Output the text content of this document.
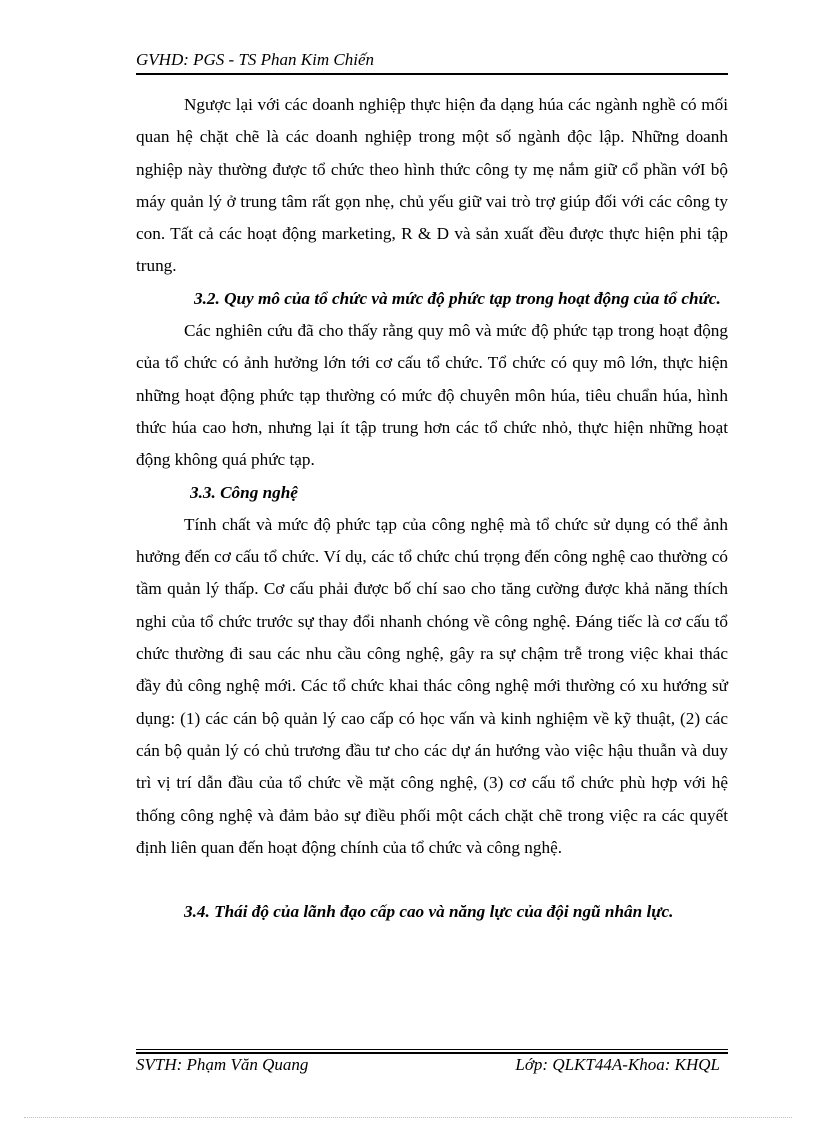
GVHD: PGS - TS Phan Kim Chiến

Ngược lại với các doanh nghiệp thực hiện đa dạng húa các ngành nghề có mối quan hệ chặt chẽ là các doanh nghiệp trong một số ngành độc lập. Những doanh nghiệp này thường được tổ chức theo hình thức công ty mẹ nắm giữ cổ phần vớI bộ máy quản lý ở trung tâm rất gọn nhẹ, chủ yếu giữ vai trò trợ giúp đối với các công ty con. Tất cả các hoạt động marketing, R & D và sản xuất đều được thực hiện phi tập trung.

3.2. Quy mô của tổ chức và mức độ phức tạp trong hoạt động của tổ chức.

Các nghiên cứu đã cho thấy rằng quy mô và mức độ phức tạp trong hoạt động của tổ chức có ảnh hưởng lớn tới cơ cấu tổ chức. Tổ chức có quy mô lớn, thực hiện những hoạt động phức tạp thường có mức độ chuyên môn húa, tiêu chuẩn húa, hình thức húa cao hơn, nhưng lại ít tập trung hơn các tổ chức nhỏ, thực hiện những hoạt động không quá phức tạp.

3.3. Công nghệ

Tính chất và mức độ phức tạp của công nghệ mà tổ chức sử dụng có thể ảnh hưởng đến cơ cấu tổ chức. Ví dụ, các tổ chức chú trọng đến công nghệ cao thường có tầm quản lý thấp. Cơ cấu phải được bố chí sao cho tăng cường được khả năng thích nghi của tổ chức trước sự thay đổi nhanh chóng về công nghệ. Đáng tiếc là cơ cấu tổ chức thường đi sau các nhu cầu công nghệ, gây ra sự chậm trễ trong việc khai thác đầy đủ công nghệ mới. Các tổ chức khai thác công nghệ mới thường có xu hướng sử dụng: (1) các cán bộ quản lý cao cấp có học vấn và kinh nghiệm về kỹ thuật, (2) các cán bộ quản lý có chủ trương đầu tư cho các dự án hướng vào việc hậu thuẫn và duy trì vị trí dẫn đầu của tổ chức về mặt công nghệ, (3) cơ cấu tổ chức phù hợp với hệ thống công nghệ và đảm bảo sự điều phối một cách chặt chẽ trong việc ra các quyết định liên quan đến hoạt động chính của tổ chức và công nghệ.

3.4. Thái độ của lãnh đạo cấp cao và năng lực của đội ngũ nhân lực.

SVTH: Phạm Văn Quang	Lớp: QLKT44A-Khoa: KHQL
